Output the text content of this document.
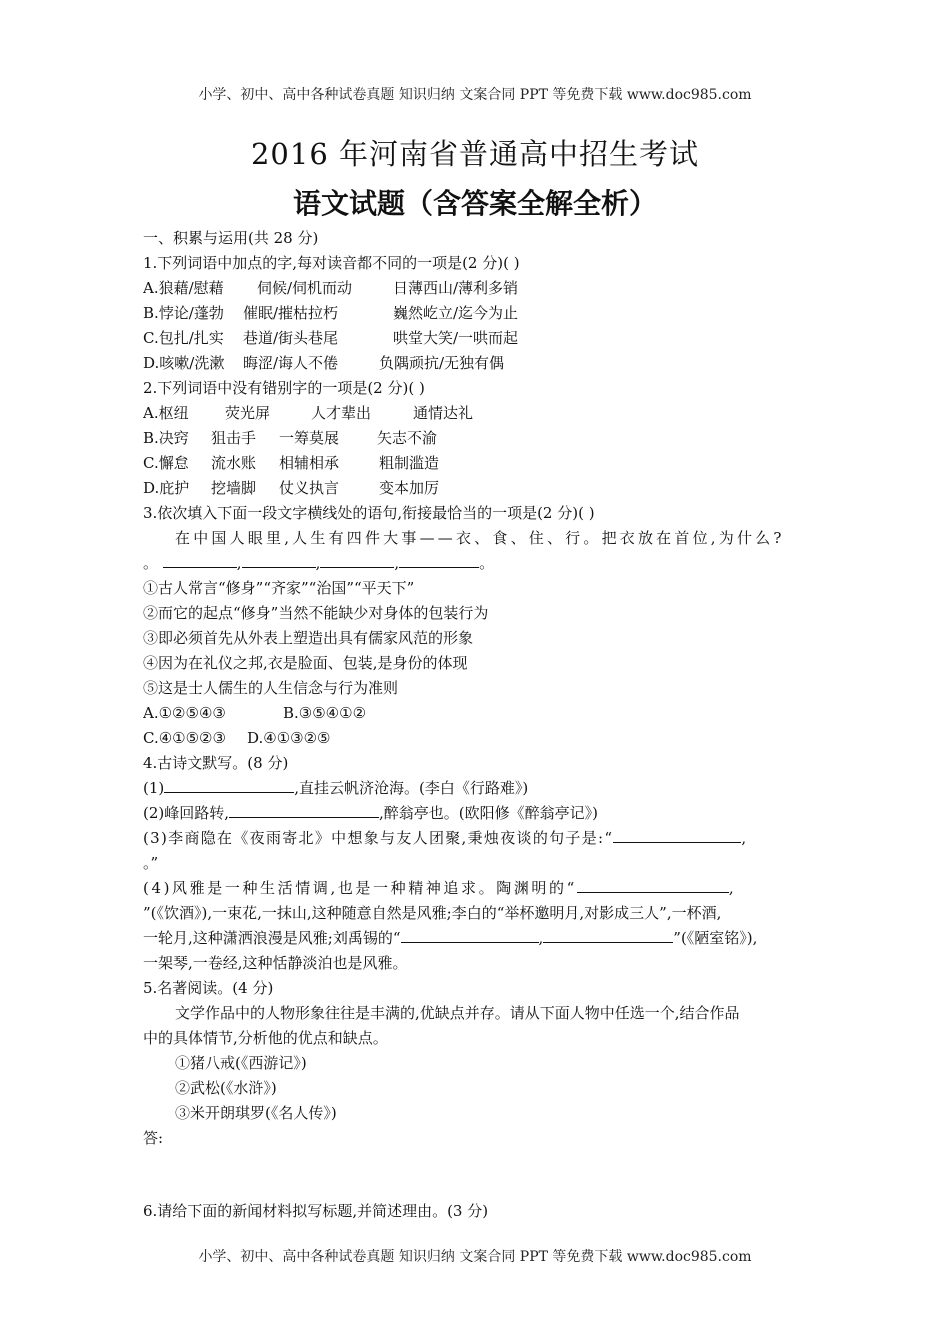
小学、初中、高中各种试卷真题 知识归纳 文案合同 PPT 等免费下载 www.doc985.com
2016 年河南省普通高中招生考试
语文试题（含答案全解全析）
一、积累与运用(共 28 分)
1.下列词语中加点的字,每对读音都不同的一项是(2 分)( )
A.狼藉/慰藉 伺候/伺机而动	日薄西山/薄利多销
B.悖论/蓬勃 催眠/摧枯拉朽	巍然屹立/迄今为止
C.包扎/扎实 巷道/街头巷尾	哄堂大笑/一哄而起
D.咳嗽/洗漱 晦涩/诲人不倦	负隅顽抗/无独有偶
2.下列词语中没有错别字的一项是(2 分)( )
A.枢纽 荧光屏	人才辈出	通情达礼
B.决窍 狙击手 一筹莫展	矢志不渝
C.懈怠 流水账 相辅相承	粗制滥造
D.庇护 挖墙脚 仗义执言	变本加厉
3.依次填入下面一段文字横线处的语句,衔接最恰当的一项是(2 分)( )
在中国人眼里,人生有四件大事——衣、食、住、行。把衣放在首位,为什么?
。	,	,	,	。
①古人常言“修身”“齐家”“治国”“平天下”
②而它的起点“修身”当然不能缺少对身体的包装行为
③即必须首先从外表上塑造出具有儒家风范的形象
④因为在礼仪之邦,衣是脸面、包装,是身份的体现
⑤这是士人儒生的人生信念与行为准则
A.①②⑤④③	B.③⑤④①②
C.④①⑤②③ D.④①③②⑤
4.古诗文默写。(8 分)
(1)	,直挂云帆济沧海。(李白《行路难》)
(2)峰回路转,	,醉翁亭也。(欧阳修《醉翁亭记》)
(3)李商隐在《夜雨寄北》中想象与友人团聚,秉烛夜谈的句子是:“	,
。”
(4)风雅是一种生活情调,也是一种精神追求。陶渊明的“	,
”(《饮酒》),一束花,一抹山,这种随意自然是风雅;李白的“举杯邀明月,对影成三人”,一杯酒,
一轮月,这种潇洒浪漫是风雅;刘禹锡的“	,	”(《陋室铭》),
一架琴,一卷经,这种恬静淡泊也是风雅。
5.名著阅读。(4 分)
文学作品中的人物形象往往是丰满的,优缺点并存。请从下面人物中任选一个,结合作品
中的具体情节,分析他的优点和缺点。
①猪八戒(《西游记》)
②武松(《水浒》)
③米开朗琪罗(《名人传》)
答:
6.请给下面的新闻材料拟写标题,并简述理由。(3 分)
小学、初中、高中各种试卷真题 知识归纳 文案合同 PPT 等免费下载 www.doc985.com
